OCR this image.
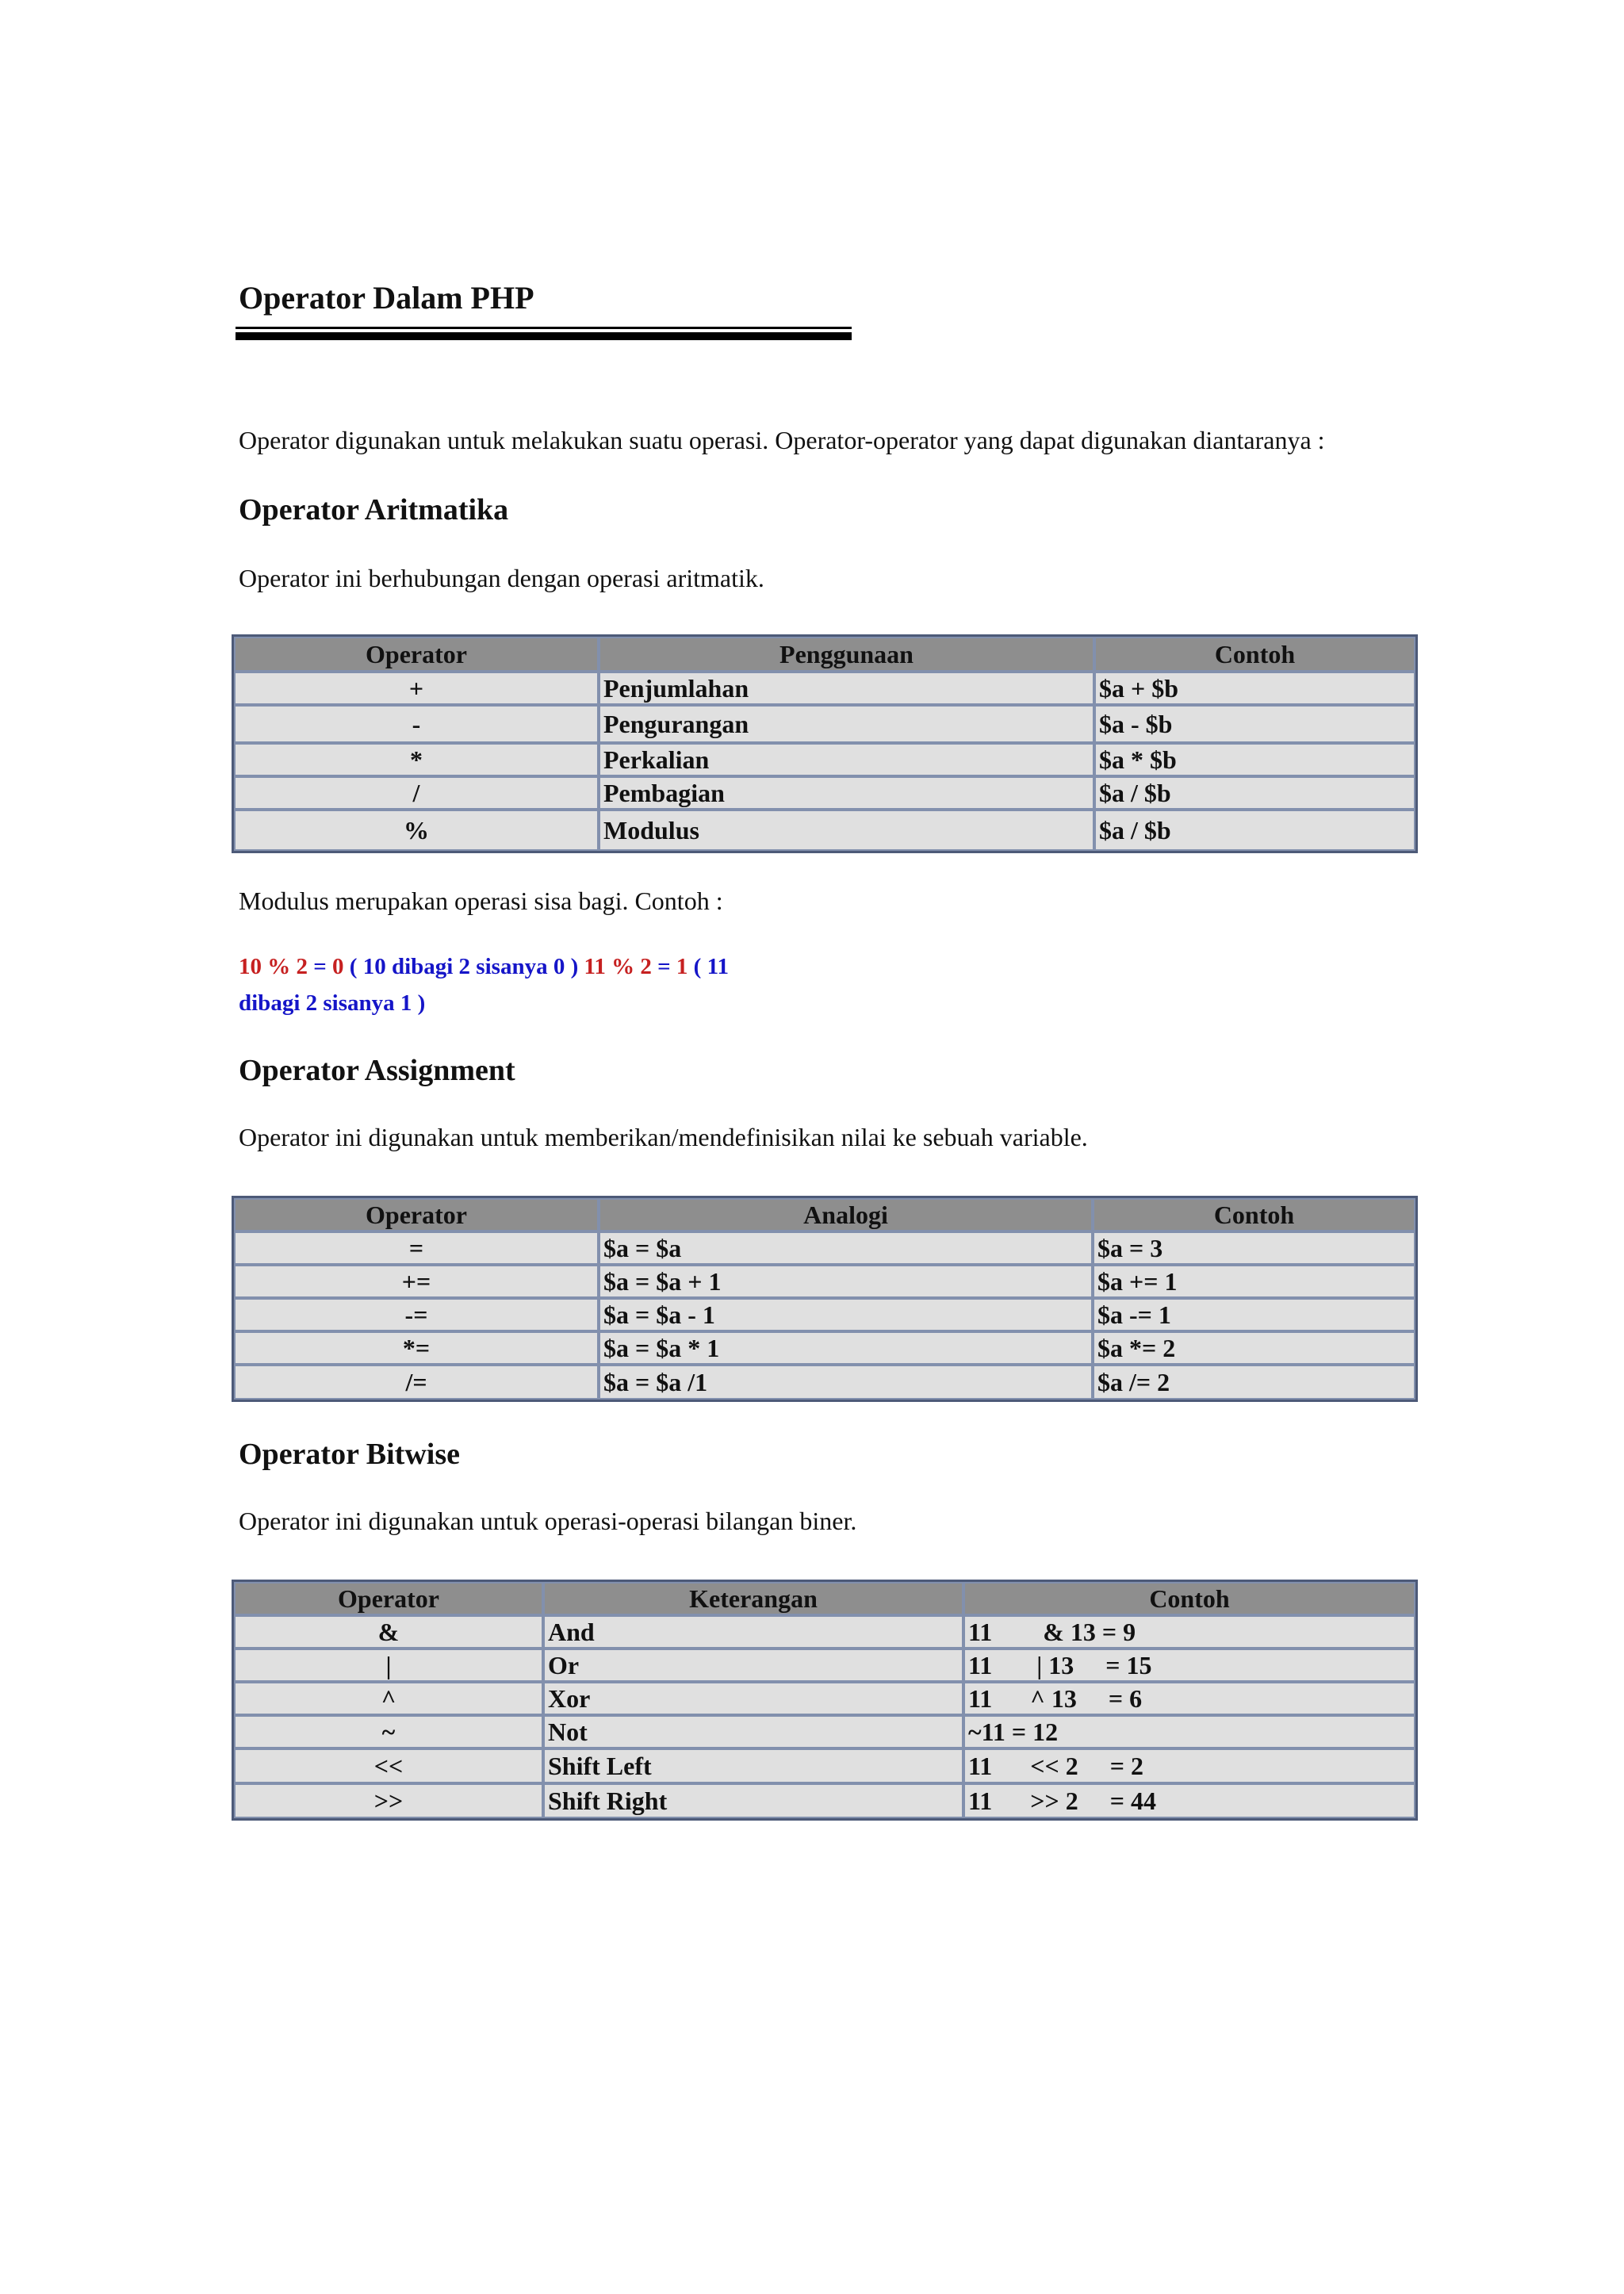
Operator Dalam PHP

Operator digunakan untuk melakukan suatu operasi. Operator-operator yang dapat digunakan diantaranya :

Operator Aritmatika

Operator ini berhubungan dengan operasi aritmatik.

Operator	Penggunaan	Contoh
+	Penjumlahan	$a + $b
-	Pengurangan	$a - $b
*	Perkalian	$a * $b
/	Pembagian	$a / $b
%	Modulus	$a / $b

Modulus merupakan operasi sisa bagi. Contoh :

10 % 2 = 0 ( 10 dibagi 2 sisanya 0 ) 11 % 2 = 1 ( 11 dibagi 2 sisanya 1 )

Operator Assignment

Operator ini digunakan untuk memberikan/mendefinisikan nilai ke sebuah variable.

Operator	Analogi	Contoh
=	$a = $a	$a = 3
+=	$a = $a + 1	$a += 1
-=	$a = $a - 1	$a -= 1
*=	$a = $a * 1	$a *= 2
/=	$a = $a /1	$a /= 2
Operator Bitwise

Operator ini digunakan untuk operasi-operasi bilangan biner.

Operator	Keterangan	Contoh
&	And	11        & 13 = 9
|	Or	11       | 13     = 15
^	Xor	11      ^ 13     = 6
~	Not	~11 = 12
<<	Shift Left	11      << 2     = 2
>>	Shift Right	11      >> 2     = 44
